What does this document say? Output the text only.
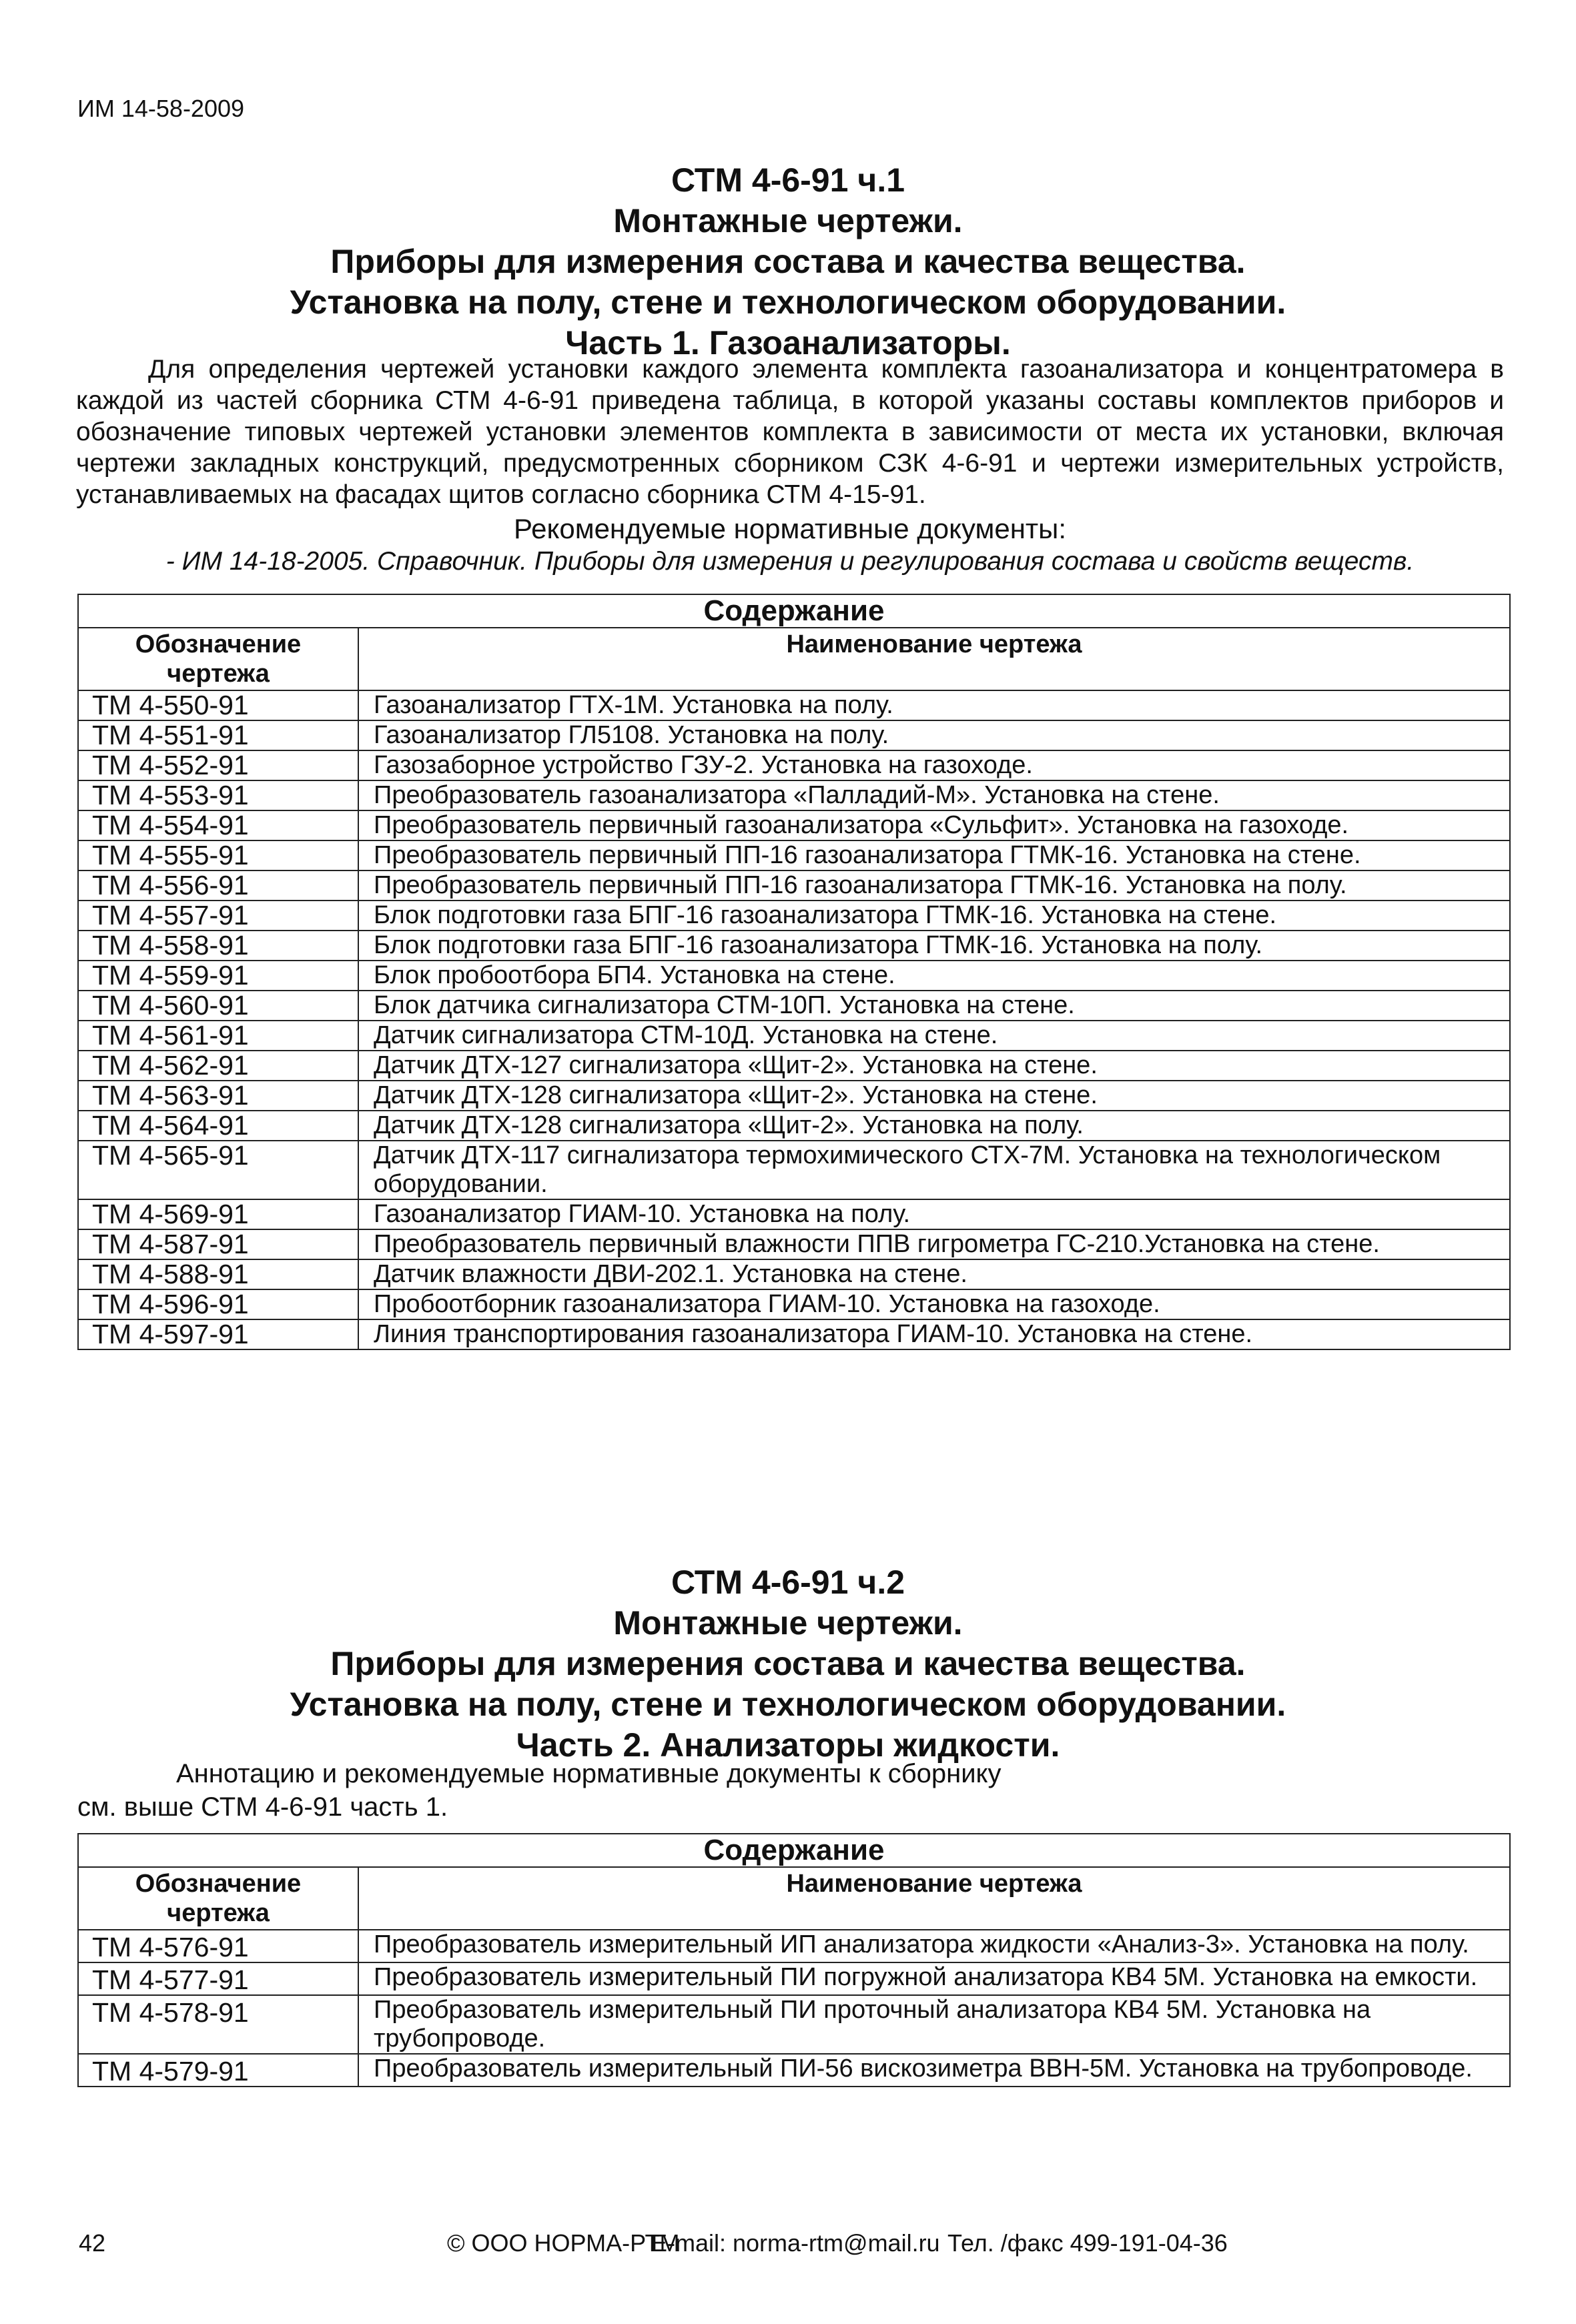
ИМ 14-58-2009
СТМ 4-6-91 ч.1
Монтажные чертежи.
Приборы для измерения состава и качества вещества.
Установка на полу, стене и технологическом оборудовании.
Часть 1. Газоанализаторы.
Для определения чертежей установки каждого элемента комплекта газоанализатора и концентратомера в каждой из частей сборника СТМ 4-6-91 приведена таблица, в которой указаны составы комплектов приборов и обозначение типовых чертежей установки элементов комплекта в зависимости от места их установки, включая чертежи закладных конструкций, предусмотренных сборником СЗК 4-6-91 и чертежи измерительных устройств, устанавливаемых на фасадах щитов согласно сборника СТМ 4-15-91.
Рекомендуемые нормативные документы:
- ИМ 14-18-2005. Справочник. Приборы для измерения и регулирования состава и свойств веществ.
Содержание	
Обозначение чертежа	Наименование чертежа
ТМ 4-550-91	Газоанализатор ГТХ-1М. Установка на полу.
ТМ 4-551-91	Газоанализатор ГЛ5108. Установка на полу.
ТМ 4-552-91	Газозаборное устройство ГЗУ-2. Установка на газоходе.
ТМ 4-553-91	Преобразователь газоанализатора «Палладий-М». Установка на стене.
ТМ 4-554-91	Преобразователь первичный газоанализатора «Сульфит». Установка на газоходе.
ТМ 4-555-91	Преобразователь первичный ПП-16 газоанализатора ГТМК-16. Установка на стене.
ТМ 4-556-91	Преобразователь первичный ПП-16 газоанализатора ГТМК-16. Установка на полу.
ТМ 4-557-91	Блок подготовки газа БПГ-16 газоанализатора ГТМК-16. Установка на стене.
ТМ 4-558-91	Блок подготовки газа БПГ-16 газоанализатора ГТМК-16. Установка на полу.
ТМ 4-559-91	Блок пробоотбора БП4. Установка на стене.
ТМ 4-560-91	Блок датчика сигнализатора СТМ-10П. Установка на стене.
ТМ 4-561-91	Датчик сигнализатора СТМ-10Д. Установка на стене.
ТМ 4-562-91	Датчик ДТХ-127 сигнализатора «Щит-2». Установка на стене.
ТМ 4-563-91	Датчик ДТХ-128 сигнализатора «Щит-2». Установка на стене.
ТМ 4-564-91	Датчик ДТХ-128 сигнализатора «Щит-2». Установка на полу.
ТМ 4-565-91	Датчик ДТХ-117 сигнализатора термохимического СТХ-7М. Установка на технологическом оборудовании.
ТМ 4-569-91	Газоанализатор ГИАМ-10. Установка на полу.
ТМ 4-587-91	Преобразователь первичный влажности ППВ гигрометра ГС-210.Установка на стене.
ТМ 4-588-91	Датчик влажности ДВИ-202.1. Установка на стене.
ТМ 4-596-91	Пробоотборник газоанализатора ГИАМ-10. Установка на газоходе.
ТМ 4-597-91	Линия транспортирования газоанализатора ГИАМ-10. Установка на стене.
СТМ 4-6-91 ч.2
Монтажные чертежи.
Приборы для измерения состава и качества вещества.
Установка на полу, стене и технологическом оборудовании.
Часть 2. Анализаторы жидкости.
Аннотацию и рекомендуемые нормативные документы к сборнику
см. выше СТМ 4-6-91 часть 1.
Содержание	
Обозначение чертежа	Наименование чертежа
ТМ 4-576-91	Преобразователь измерительный ИП анализатора жидкости «Анализ-3». Установка на полу.
ТМ 4-577-91	Преобразователь измерительный ПИ погружной анализатора КВ4 5М. Установка на емкости.
ТМ 4-578-91	Преобразователь измерительный ПИ проточный анализатора КВ4 5М. Установка на трубопроводе.
ТМ 4-579-91	Преобразователь измерительный ПИ-56 вискозиметра ВВН-5М. Установка на трубопроводе.
42	© ООО НОРМА-РТМ
E-mail: norma-rtm@mail.ru Тел. /факс 499-191-04-36
